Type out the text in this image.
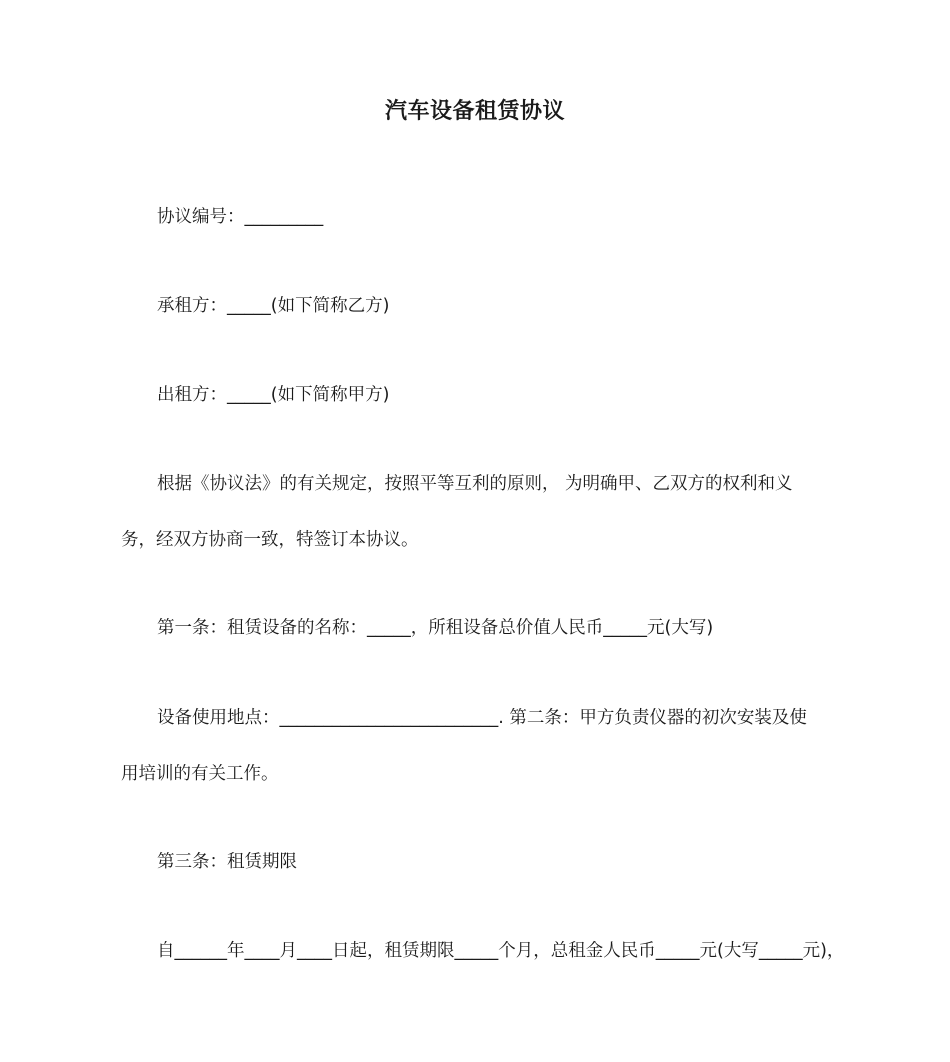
汽车设备租赁协议
协议编号：_________
承租方：_____(如下简称乙方)
出租方：_____(如下简称甲方)
根据《协议法》的有关规定，按照平等互利的原则， 为明确甲、乙双方的权利和义
务，经双方协商一致，特签订本协议。
第一条：租赁设备的名称：_____，所租设备总价值人民币_____元(大写)
设备使用地点：_________________________. 第二条：甲方负责仪器的初次安装及使
用培训的有关工作。
第三条：租赁期限
自______年____月____日起，租赁期限_____个月，总租金人民币_____元(大写_____元)，
